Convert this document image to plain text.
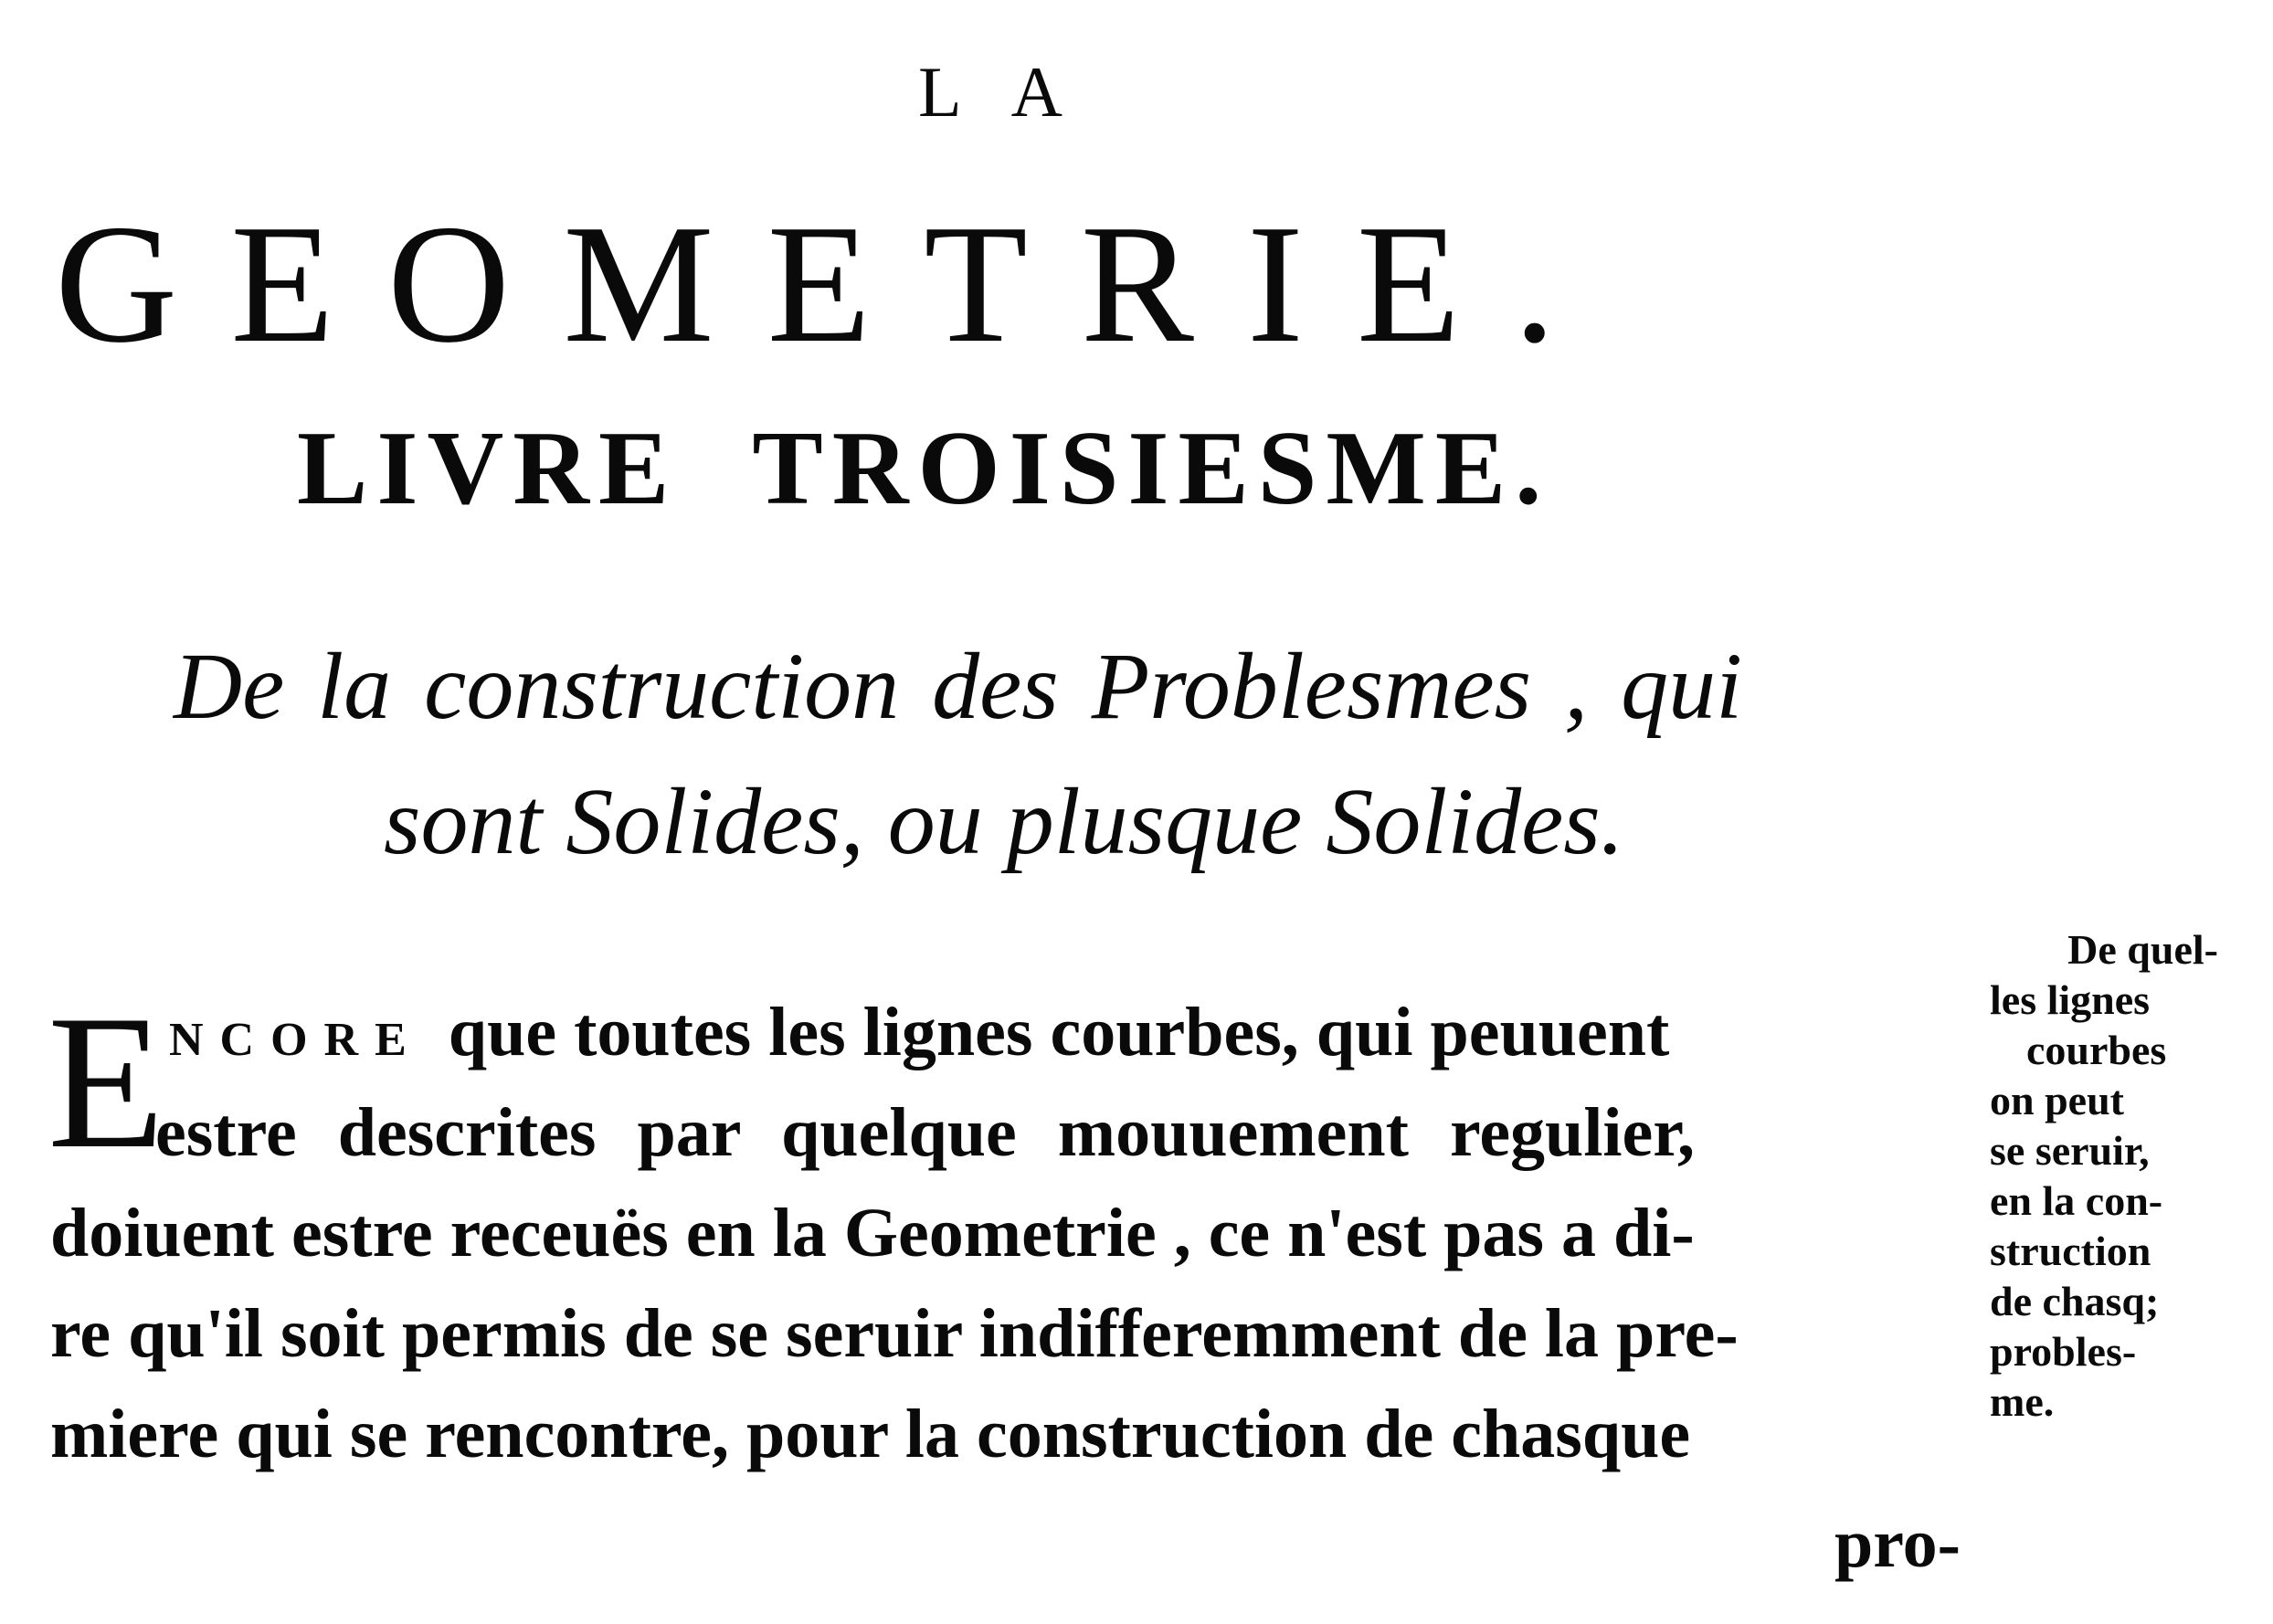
LA
GEOMETRIE.
LIVRE TROISIESME.
De la construction des Problesmes , qui
sont Solides, ou plusque Solides.
E NCORE que toutes les lignes courbes, qui peuuent
estre descrites par quelque mouuement regulier,
doiuent estre receuës en la Geometrie , ce n'est pas a di-
re qu'il soit permis de se seruir indifferemment de la pre-
miere qui se rencontre, pour la construction de chasque
pro-
De quel-
les lignes
courbes
on peut
se seruir,
en la con-
struction
de chasq;
probles-
me.
